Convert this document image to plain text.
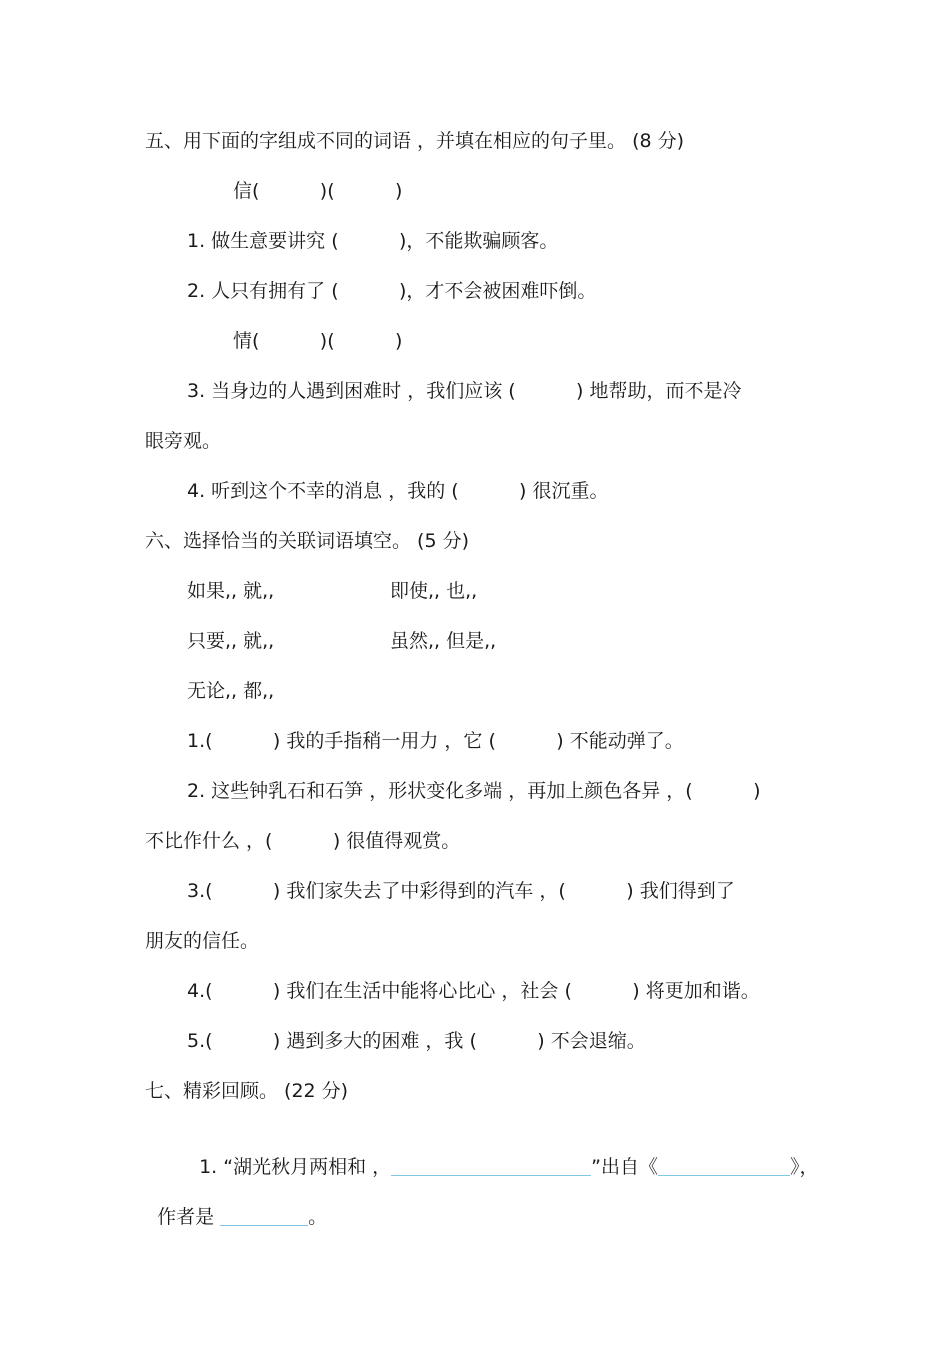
五、用下面的字组成不同的词语 ，并填在相应的句子里。 (8 分)
信(          )(          )
1. 做生意要讲究 (          )，不能欺骗顾客。
2. 人只有拥有了 (          )，才不会被困难吓倒。
情(          )(          )
3. 当身边的人遇到困难时 ，我们应该 (          ) 地帮助，而不是冷
眼旁观。
4. 听到这个不幸的消息 ，我的 (          ) 很沉重。
六、选择恰当的关联词语填空。 (5 分)
如果,, 就,,	即使,, 也,,
只要,, 就,,	虽然,, 但是,,
无论,, 都,,
1.(          ) 我的手指稍一用力 ，它 (          ) 不能动弹了。
2. 这些钟乳石和石笋 ，形状变化多端 ，再加上颜色各异 ，(          )
不比作什么 ，(          ) 很值得观赏。
3.(          ) 我们家失去了中彩得到的汽车 ，(          ) 我们得到了
朋友的信任。
4.(          ) 我们在生活中能将心比心 ，社会 (          ) 将更加和谐。
5.(          ) 遇到多大的困难 ，我 (          ) 不会退缩。
七、精彩回顾。 (22 分)

1. “湖光秋月两相和 ，	”出自《	》，

作者是	。
